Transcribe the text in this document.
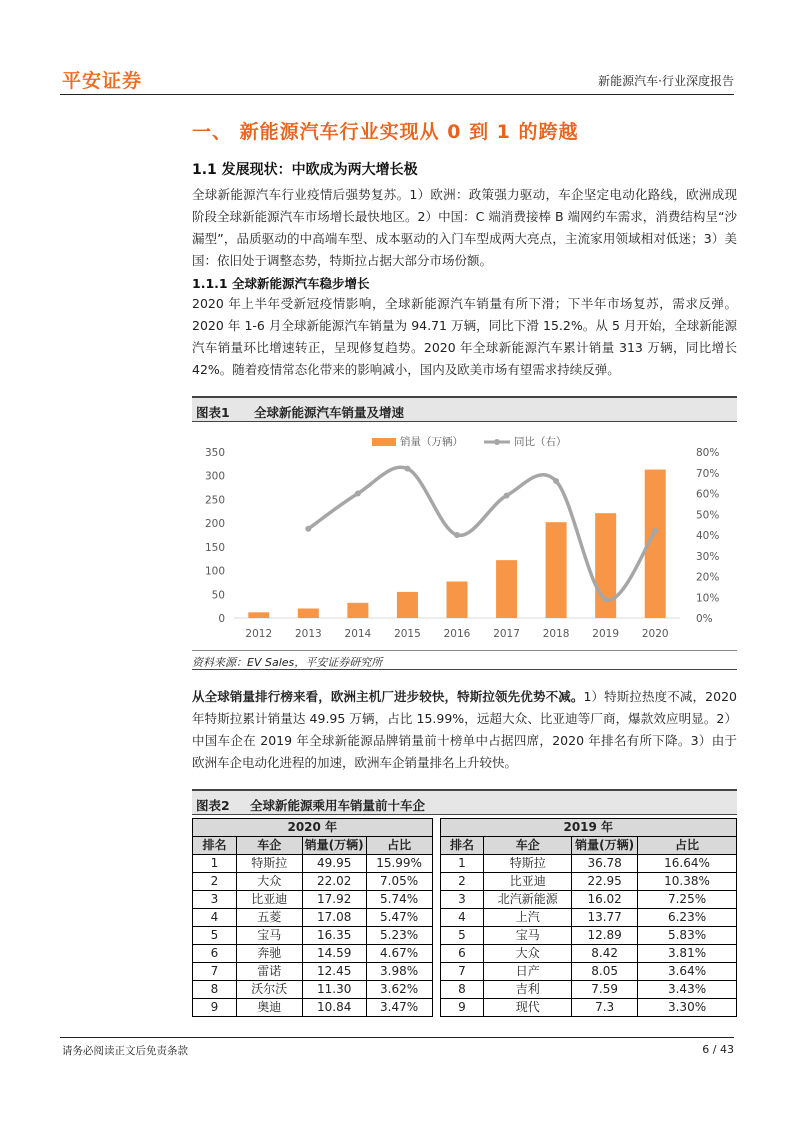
平安证券	新能源汽车·行业深度报告
一、 新能源汽车行业实现从 0 到 1 的跨越
1.1 发展现状：中欧成为两大增长极
全球新能源汽车行业疫情后强势复苏。1）欧洲：政策强力驱动，车企坚定电动化路线，欧洲成现阶段全球新能源汽车市场增长最快地区。2）中国：C 端消费接棒 B 端网约车需求，消费结构呈“沙漏型”，品质驱动的中高端车型、成本驱动的入门车型成两大亮点，主流家用领域相对低迷；3）美国：依旧处于调整态势，特斯拉占据大部分市场份额。
1.1.1 全球新能源汽车稳步增长
2020 年上半年受新冠疫情影响，全球新能源汽车销量有所下滑；下半年市场复苏，需求反弹。2020 年 1-6 月全球新能源汽车销量为 94.71 万辆，同比下滑 15.2%。从 5 月开始，全球新能源汽车销量环比增速转正，呈现修复趋势。2020 年全球新能源汽车累计销量 313 万辆，同比增长 42%。随着疫情常态化带来的影响减小，国内及欧美市场有望需求持续反弹。
图表1 全球新能源汽车销量及增速
0
50
100
150
200
250
300
350
0%
10%
20%
30%
40%
50%
60%
70%
80%
2012 2013 2014 2015 2016 2017 2018 2019 2020
销量（万辆）	同比（右）
资料来源：EV Sales，平安证券研究所
从全球销量排行榜来看，欧洲主机厂进步较快，特斯拉领先优势不减。1）特斯拉热度不减，2020 年特斯拉累计销量达 49.95 万辆，占比 15.99%，远超大众、比亚迪等厂商，爆款效应明显。2）中国车企在 2019 年全球新能源品牌销量前十榜单中占据四席，2020 年排名有所下降。3）由于欧洲车企电动化进程的加速，欧洲车企销量排名上升较快。
图表2 全球新能源乘用车销量前十车企
2020 年					2019 年			
排名	车企	销量(万辆)	占比		排名	车企	销量(万辆)	占比
1	特斯拉	49.95	15.99%		1	特斯拉	36.78	16.64%
2	大众	22.02	7.05%		2	比亚迪	22.95	10.38%
3	比亚迪	17.92	5.74%		3	北汽新能源	16.02	7.25%
4	五菱	17.08	5.47%		4	上汽	13.77	6.23%
5	宝马	16.35	5.23%		5	宝马	12.89	5.83%
6	奔驰	14.59	4.67%		6	大众	8.42	3.81%
7	雷诺	12.45	3.98%		7	日产	8.05	3.64%
8	沃尔沃	11.30	3.62%		8	吉利	7.59	3.43%
9	奥迪	10.84	3.47%		9	现代	7.3	3.30%
请务必阅读正文后免责条款	6 / 43
